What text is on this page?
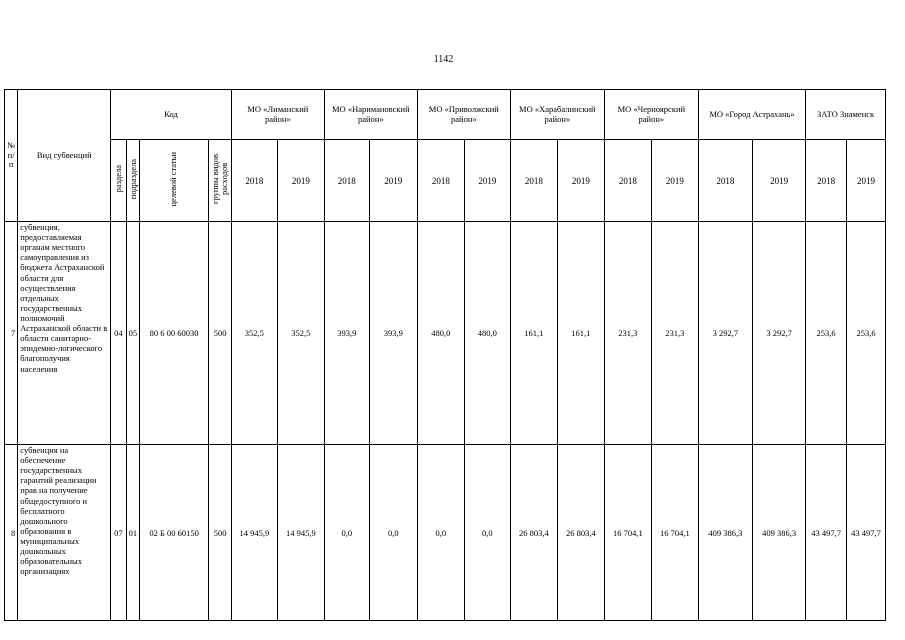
1142
№ п/п	Вид субвенций	Код				МО «Лиманский район»		МО «Наримановский район»		МО «Приволжский район»		МО «Харабалинский район»		МО «Черноярский район»		МО «Город Астрахань»		ЗАТО Знаменск	
		раздела	подраздела	целевой статьи	группы видов расходов	2018	2019	2018	2019	2018	2019	2018	2019	2018	2019	2018	2019	2018	2019
7	субвенция, предоставляемая органам местного самоуправления из бюджета Астраханской области для осуществления отдельных государственных полномочий Астраханской области в области санитарно-эпидемио-логического благополучия населения	04	05	80 6 00 60030	500	352,5	352,5	393,9	393,9	480,0	480,0	161,1	161,1	231,3	231,3	3 292,7	3 292,7	253,6	253,6
8	субвенция на обеспечение государственных гарантий реализации прав на получение общедоступного и бесплатного дошкольного образования в муниципальных дошкольных образовательных организациях	07	01	02 Б 00 60150	500	14 945,9	14 945,9	0,0	0,0	0,0	0,0	26 803,4	26 803,4	16 704,1	16 704,1	409 386,3	409 386,3	43 497,7	43 497,7
